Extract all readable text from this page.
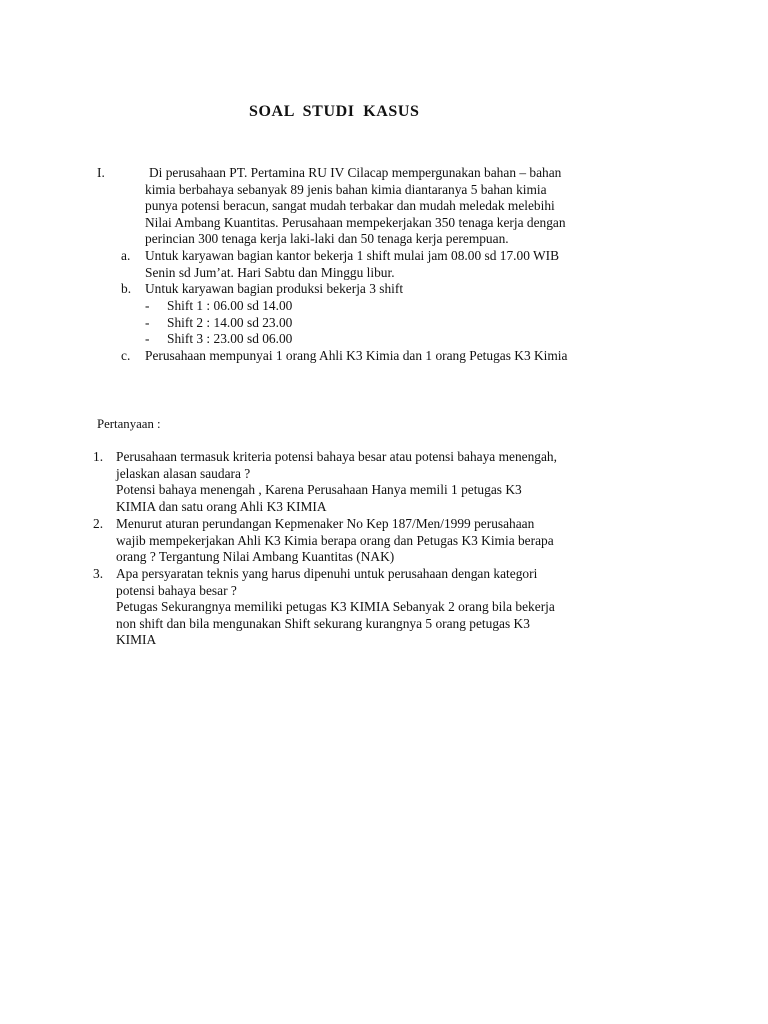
SOAL STUDI KASUS
I.	Di perusahaan PT. Pertamina RU IV Cilacap mempergunakan bahan – bahan
kimia berbahaya sebanyak 89 jenis bahan kimia diantaranya 5 bahan kimia
punya potensi beracun, sangat mudah terbakar dan mudah meledak melebihi
Nilai Ambang Kuantitas. Perusahaan mempekerjakan 350 tenaga kerja dengan
perincian 300 tenaga kerja laki-laki dan 50 tenaga kerja perempuan.
a. Untuk karyawan bagian kantor bekerja 1 shift mulai jam 08.00 sd 17.00 WIB
Senin sd Jum’at. Hari Sabtu dan Minggu libur.
b. Untuk karyawan bagian produksi bekerja 3 shift
- Shift 1 : 06.00 sd 14.00
- Shift 2 : 14.00 sd 23.00
- Shift 3 : 23.00 sd 06.00
c. Perusahaan mempunyai 1 orang Ahli K3 Kimia dan 1 orang Petugas K3 Kimia
Pertanyaan :
1. Perusahaan termasuk kriteria potensi bahaya besar atau potensi bahaya menengah,
jelaskan alasan saudara ?
Potensi bahaya menengah , Karena Perusahaan Hanya memili 1 petugas K3
KIMIA dan satu orang Ahli K3 KIMIA
2. Menurut aturan perundangan Kepmenaker No Kep 187/Men/1999 perusahaan
wajib mempekerjakan Ahli K3 Kimia berapa orang dan Petugas K3 Kimia berapa
orang ? Tergantung Nilai Ambang Kuantitas (NAK)
3. Apa persyaratan teknis yang harus dipenuhi untuk perusahaan dengan kategori
potensi bahaya besar ?
Petugas Sekurangnya memiliki petugas K3 KIMIA Sebanyak 2 orang bila bekerja
non shift dan bila mengunakan Shift sekurang kurangnya 5 orang petugas K3
KIMIA
